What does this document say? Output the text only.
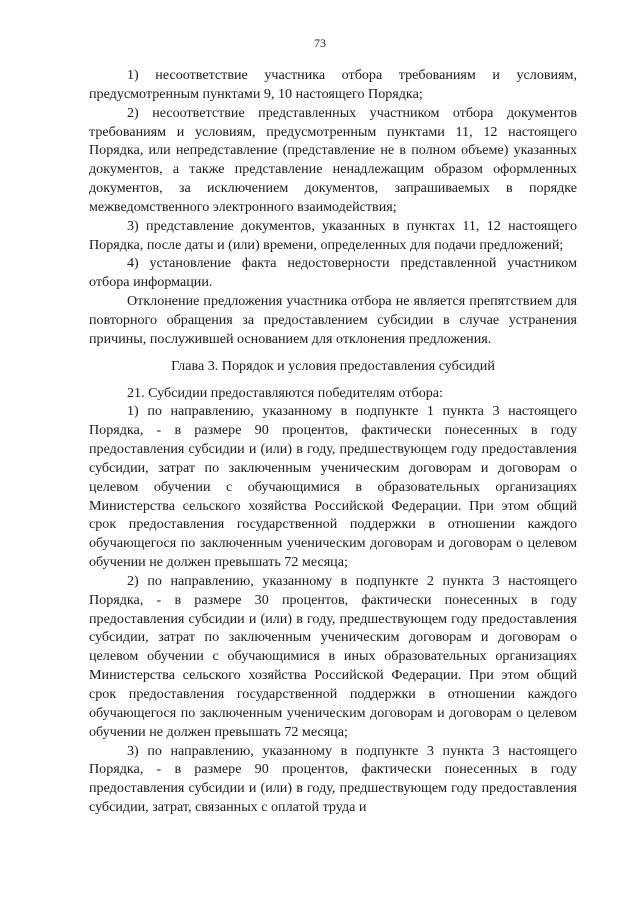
73

1) несоответствие участника отбора требованиям и условиям, предусмотренным пунктами 9, 10 настоящего Порядка;

2) несоответствие представленных участником отбора документов требованиям и условиям, предусмотренным пунктами 11, 12 настоящего Порядка, или непредставление (представление не в полном объеме) указанных документов, а также представление ненадлежащим образом оформленных документов, за исключением документов, запрашиваемых в порядке межведомственного электронного взаимодействия;

3) представление документов, указанных в пунктах 11, 12 настоящего Порядка, после даты и (или) времени, определенных для подачи предложений;

4) установление факта недостоверности представленной участником отбора информации.

Отклонение предложения участника отбора не является препятствием для повторного обращения за предоставлением субсидии в случае устранения причины, послужившей основанием для отклонения предложения.

Глава 3. Порядок и условия предоставления субсидий

21. Субсидии предоставляются победителям отбора:

1) по направлению, указанному в подпункте 1 пункта 3 настоящего Порядка, - в размере 90 процентов, фактически понесенных в году предоставления субсидии и (или) в году, предшествующем году предоставления субсидии, затрат по заключенным ученическим договорам и договорам о целевом обучении с обучающимися в образовательных организациях Министерства сельского хозяйства Российской Федерации. При этом общий срок предоставления государственной поддержки в отношении каждого обучающегося по заключенным ученическим договорам и договорам о целевом обучении не должен превышать 72 месяца;

2) по направлению, указанному в подпункте 2 пункта 3 настоящего Порядка, - в размере 30 процентов, фактически понесенных в году предоставления субсидии и (или) в году, предшествующем году предоставления субсидии, затрат по заключенным ученическим договорам и договорам о целевом обучении с обучающимися в иных образовательных организациях Министерства сельского хозяйства Российской Федерации. При этом общий срок предоставления государственной поддержки в отношении каждого обучающегося по заключенным ученическим договорам и договорам о целевом обучении не должен превышать 72 месяца;

3) по направлению, указанному в подпункте 3 пункта 3 настоящего Порядка, - в размере 90 процентов, фактически понесенных в году предоставления субсидии и (или) в году, предшествующем году предоставления субсидии, затрат, связанных с оплатой труда и
